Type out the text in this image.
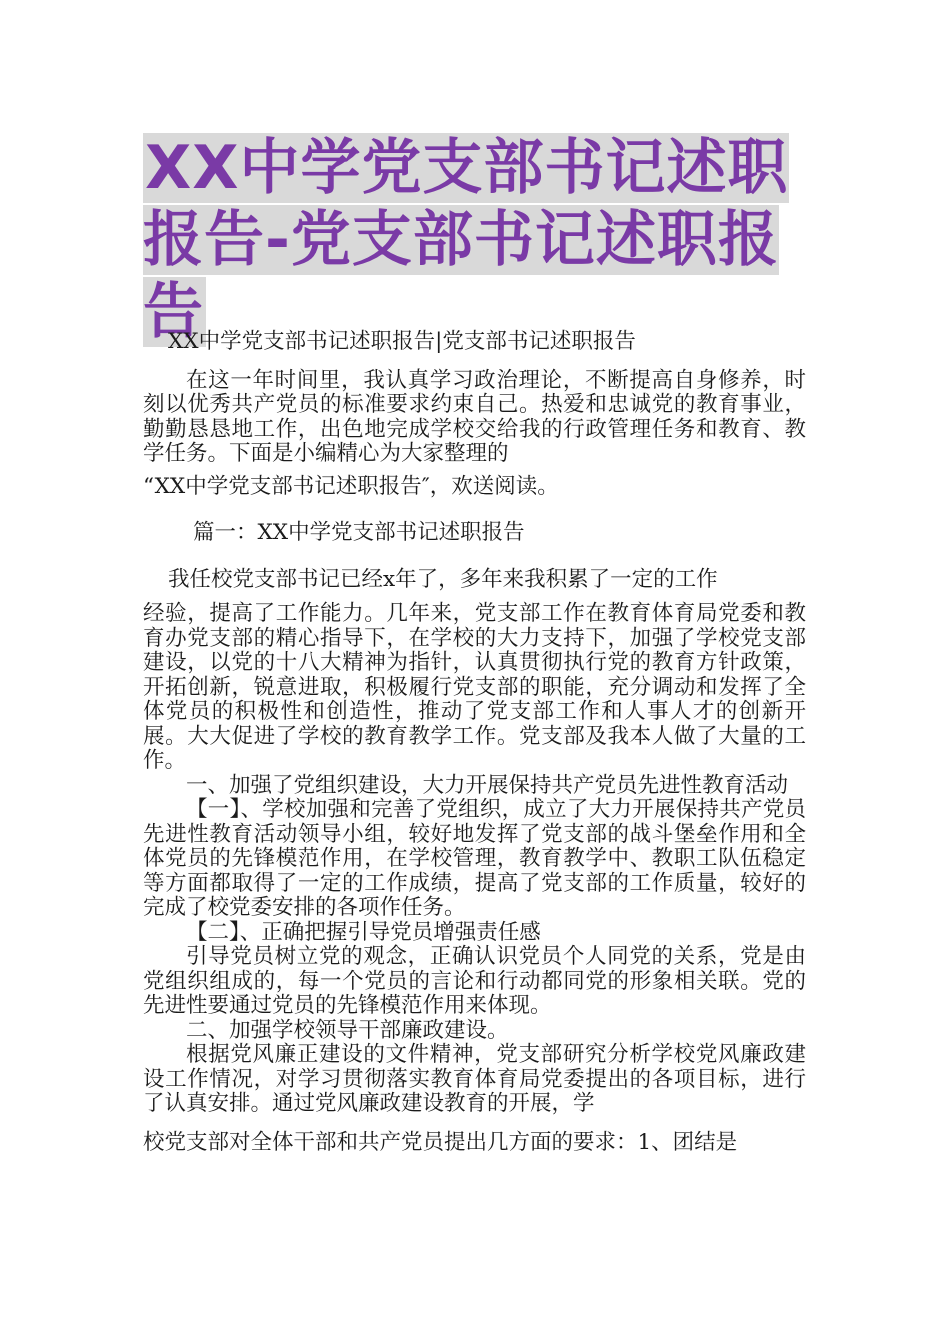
XX中学党支部书记述职报告-党支部书记述职报告

XX中学党支部书记述职报告|党支部书记述职报告

在这一年时间里，我认真学习政治理论，不断提高自身修养，时刻以优秀共产党员的标准要求约束自己。热爱和忠诚党的教育事业，勤勤恳恳地工作，出色地完成学校交给我的行政管理任务和教育、教学任务。下面是小编精心为大家整理的

“XX中学党支部书记述职报告″，欢送阅读。

篇一：XX中学党支部书记述职报告

我任校党支部书记已经x年了，多年来我积累了一定的工作

经验，提高了工作能力。几年来，党支部工作在教育体育局党委和教育办党支部的精心指导下，在学校的大力支持下，加强了学校党支部建设，以党的十八大精神为指针，认真贯彻执行党的教育方针政策，开拓创新，锐意进取，积极履行党支部的职能，充分调动和发挥了全体党员的积极性和创造性，推动了党支部工作和人事人才的创新开展。大大促进了学校的教育教学工作。党支部及我本人做了大量的工作。

一、加强了党组织建设，大力开展保持共产党员先进性教育活动

【一】、学校加强和完善了党组织，成立了大力开展保持共产党员先进性教育活动领导小组，较好地发挥了党支部的战斗堡垒作用和全体党员的先锋模范作用，在学校管理，教育教学中、教职工队伍稳定等方面都取得了一定的工作成绩，提高了党支部的工作质量，较好的完成了校党委安排的各项作任务。

【二】、正确把握引导党员增强责任感

引导党员树立党的观念，正确认识党员个人同党的关系，党是由党组织组成的，每一个党员的言论和行动都同党的形象相关联。党的先进性要通过党员的先锋模范作用来体现。

二、加强学校领导干部廉政建设。

根据党风廉正建设的文件精神，党支部研究分析学校党风廉政建设工作情况，对学习贯彻落实教育体育局党委提出的各项目标，进行了认真安排。通过党风廉政建设教育的开展，学

校党支部对全体干部和共产党员提出几方面的要求：1、团结是
